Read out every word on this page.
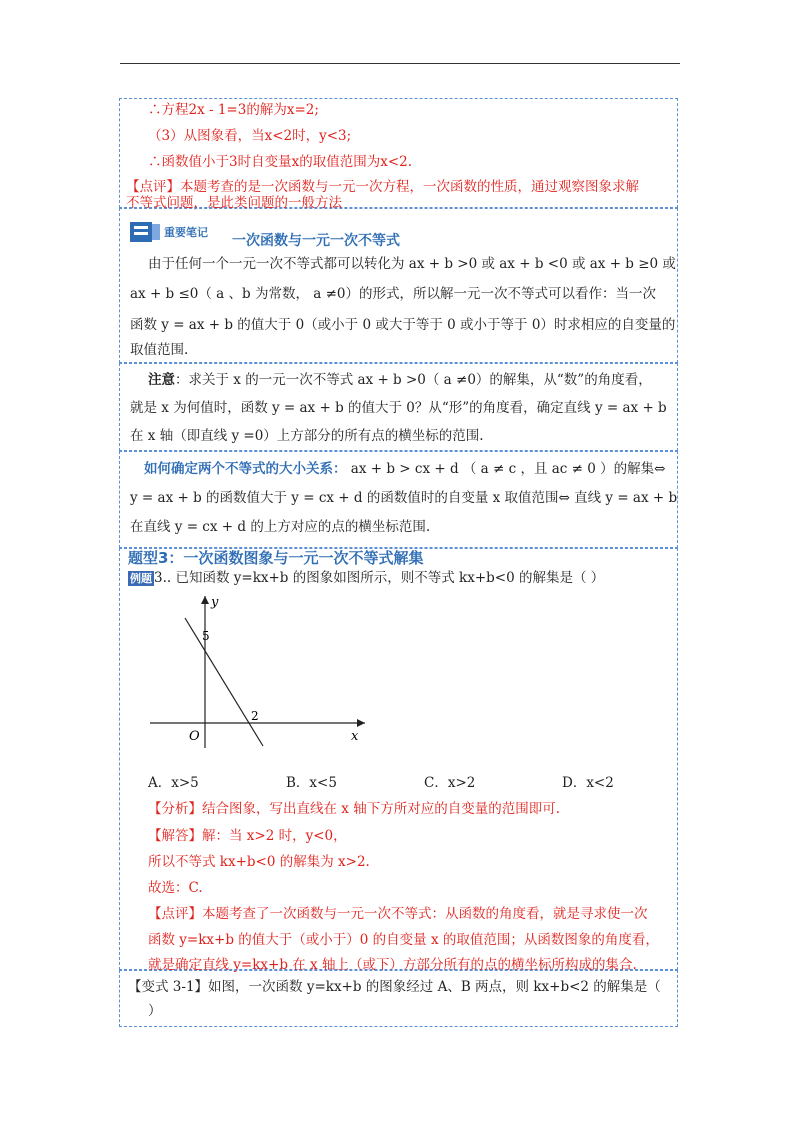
∴方程2x - 1=3的解为x=2;
（3）从图象看，当x<2时，y<3;
∴函数值小于3时自变量x的取值范围为x<2.
【点评】本题考查的是一次函数与一元一次方程，一次函数的性质，通过观察图象求解
不等式问题，是此类问题的一般方法
重要笔记
一次函数与一元一次不等式
由于任何一个一元一次不等式都可以转化为 ax + b >0 或 ax + b <0 或 ax + b ≥0 或
ax + b ≤0（ a 、b 为常数， a ≠0）的形式，所以解一元一次不等式可以看作：当一次
函数 y = ax + b 的值大于 0（或小于 0 或大于等于 0 或小于等于 0）时求相应的自变量的
取值范围.
注意：求关于 x 的一元一次不等式 ax + b >0（ a ≠0）的解集，从“数”的角度看，
就是 x 为何值时，函数 y = ax + b 的值大于 0？从“形”的角度看，确定直线 y = ax + b
在 x 轴（即直线 y =0）上方部分的所有点的横坐标的范围.
如何确定两个不等式的大小关系： ax + b > cx + d （ a ≠ c ，且 ac ≠ 0 ）的解集⇔
y = ax + b 的函数值大于 y = cx + d 的函数值时的自变量 x 取值范围⇔ 直线 y = ax + b
在直线 y = cx + d 的上方对应的点的横坐标范围.
题型3：一次函数图象与一元一次不等式解集
例题 3.. 已知函数 y=kx+b 的图象如图所示，则不等式 kx+b<0 的解集是（ ）
y
x
O
5
2
A．x>5	B．x<5	C．x>2	D．x<2
【分析】结合图象，写出直线在 x 轴下方所对应的自变量的范围即可.
【解答】解：当 x>2 时，y<0，
所以不等式 kx+b<0 的解集为 x>2.
故选：C.
【点评】本题考查了一次函数与一元一次不等式：从函数的角度看，就是寻求使一次
函数 y=kx+b 的值大于（或小于）0 的自变量 x 的取值范围；从函数图象的角度看，
就是确定直线 y=kx+b 在 x 轴上（或下）方部分所有的点的横坐标所构成的集合.
【变式 3-1】如图，一次函数 y=kx+b 的图象经过 A、B 两点，则 kx+b<2 的解集是（
）
